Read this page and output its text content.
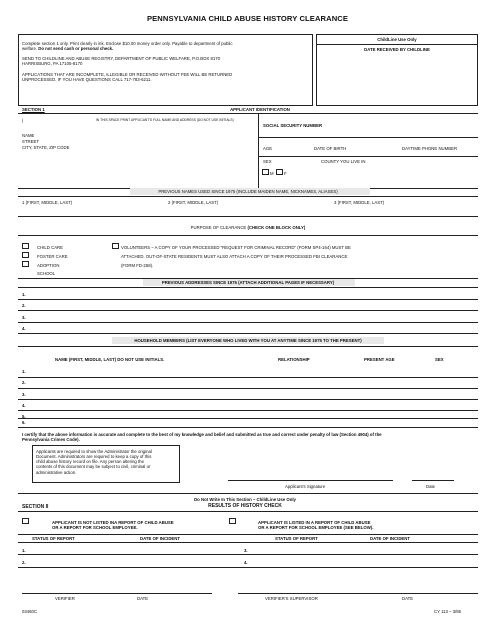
PENNSYLVANIA CHILD ABUSE HISTORY CLEARANCE
Complete section 1 only. Print clearly in ink. Enclose $10.00 money order only. Payable to department of public
welfare. Do not send cash or personal check.
SEND TO CHILDLINE AND ABUSE REGISTRY, DEPARTMENT OF PUBLIC WELFARE, P.O.BOX 8170
HARRISBURG, PA 17105-8170
APPLICATIONS THAT ARE INCOMPLETE, ILLEGIBLE OR RECEIVED WITHOUT FEE WILL BE RETURNED
UNPROCESSED. IF YOU HAVE QUESTIONS CALL 717-783-6211.
ChildLine Use Only
DATE RECEIVED BY CHILDLINE
SECTION 1	APPLICANT IDENTIFICATION
|	IN THIS SPACE PRINT APPLICANT'S FULL NAME AND ADDRESS (DO NOT USE INITIALS)
NAME
STREET
CITY, STATE, ZIP CODE
SOCIAL SECURITY NUMBER
AGE	DATE OF BIRTH	DAYTIME PHONE NUMBER
SEX	COUNTY YOU LIVE IN
M F
PREVIOUS NAMES USED SINCE 1975 (INCLUDE MAIDEN NAME, NICKNAMES, ALIASES)
1 (FIRST, MIDDLE, LAST)	2 (FIRST, MIDDLE, LAST)	3 (FIRST, MIDDLE, LAST)
PURPOSE OF CLEARANCE (CHECK ONE BLOCK ONLY)
CHILD CARE
FOSTER CARE
ADOPTION
SCHOOL
VOLUNTEERS – A COPY OF YOUR PROCESSED "REQUEST FOR CRIMINAL RECORD" (FORM SP4-164) MUST BE
ATTACHED. OUT-OF-STATE RESIDENTS MUST ALSO ATTACH A COPY OF THEIR PROCESSED FBI CLEARANCE
(FORM FD-258).
PREVIOUS ADDRESSES SINCE 1975 (ATTACH ADDITIONAL PAGES IF NECESSARY)
1.
2.
3.
4.
HOUSEHOLD MEMBERS (LIST EVERYONE WHO LIVED WITH YOU AT ANYTIME SINCE 1975 TO THE PRESENT)
NAME (FIRST, MIDDLE, LAST) DO NOT USE INITIALS.	RELATIONSHIP	PRESENT AGE	SEX
1.
2.
3.
4.
5.
6.
I certify that the above information is accurate and complete to the best of my knowledge and belief and submitted as true and correct under penalty of law (Section 4904) of the
Pennsylvania Crimes Code).
Applicants are required to show the Administrator the original
Document. Administrators are required to keep a copy of this
child abuse history record on file. Any person altering the
contents of this document may be subject to civil, criminal or
administrative action.
Applicant's Signature	Date
Do Not Write In This Section – ChildLine Use Only
SECTION II	RESULTS OF HISTORY CHECK
APPLICANT IS NOT LISTED INA REPORT OF CHILD ABUSE
OR A REPORT FOR SCHOOL EMPLOYEE.
APPLICANT IS LISTED IN A REPORT OF CHILD ABUSE
OR A REPORT FOR SCHOOL EMPLOYEE (SEE BELOW).
STATUS OF REPORT	DATE OF INCIDENT	STATUS OF REPORT	DATE OF INCIDENT
1.	3.
2.	4.
VERIFIER	DATE	VERIFIER'S SUPERVISOR	DATE
03460C	CY 113 – 3/85
